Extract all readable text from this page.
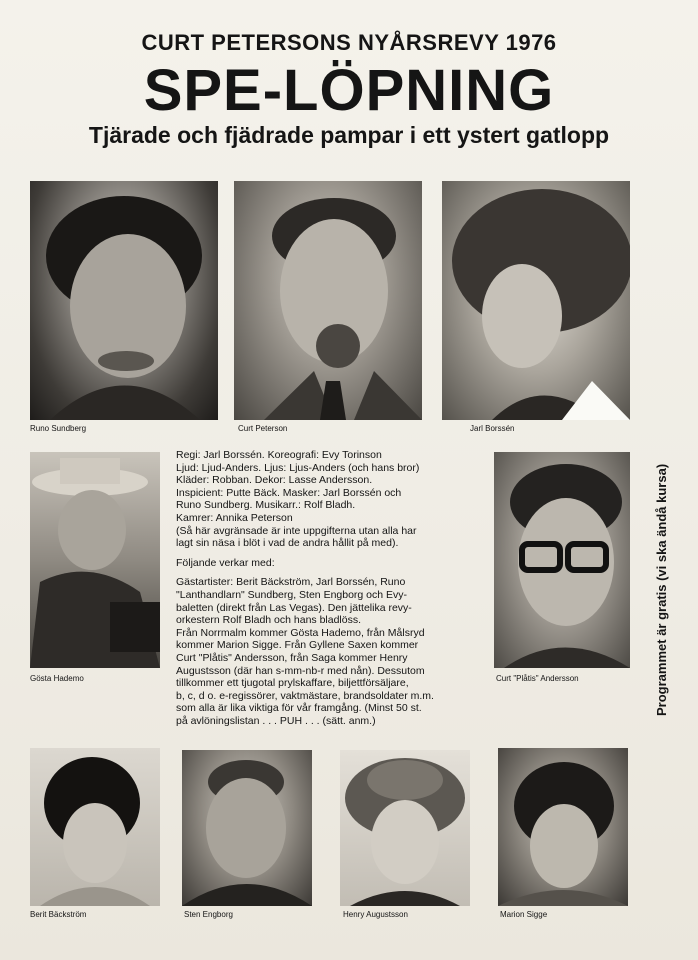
CURT PETERSONS NYÅRSREVY 1976
SPE-LÖPNING
Tjärade och fjädrade pampar i ett ystert gatlopp
Runo Sundberg	Curt Peterson	Jarl Borssén
Gösta Hademo

Regi: Jarl Borssén. Koreografi: Evy Torinson

Ljud: Ljud-Anders. Ljus: Ljus-Anders (och hans bror)

Kläder: Robban. Dekor: Lasse Andersson.

Inspicient: Putte Bäck. Masker: Jarl Borssén och

Runo Sundberg. Musikarr.: Rolf Bladh.

Kamrer: Annika Peterson

(Så här avgränsade är inte uppgifterna utan alla har

lagt sin näsa i blöt i vad de andra hållit på med).

Följande verkar med:

Gästartister: Berit Bäckström, Jarl Borssén, Runo

"Lanthandlarn" Sundberg, Sten Engborg och Evy-

baletten (direkt från Las Vegas). Den jättelika revy-

orkestern Rolf Bladh och hans bladlöss.

Från Norrmalm kommer Gösta Hademo, från Målsryd

kommer Marion Sigge. Från Gyllene Saxen kommer

Curt "Plåtis" Andersson, från Saga kommer Henry

Augustsson (där han s-mm-nb-r med nån). Dessutom

tillkommer ett tjugotal prylskaffare, biljettförsäljare,

b, c, d o. e-regissörer, vaktmästare, brandsoldater m.m.

som alla är lika viktiga för vår framgång. (Minst 50 st.

på avlöningslistan . . . PUH . . . (sätt. anm.)

Curt "Plåtis" Andersson
Berit Bäckström	Sten Engborg	Henry Augustsson	Marion Sigge
Programmet är gratis (vi ska ändå kursa)
